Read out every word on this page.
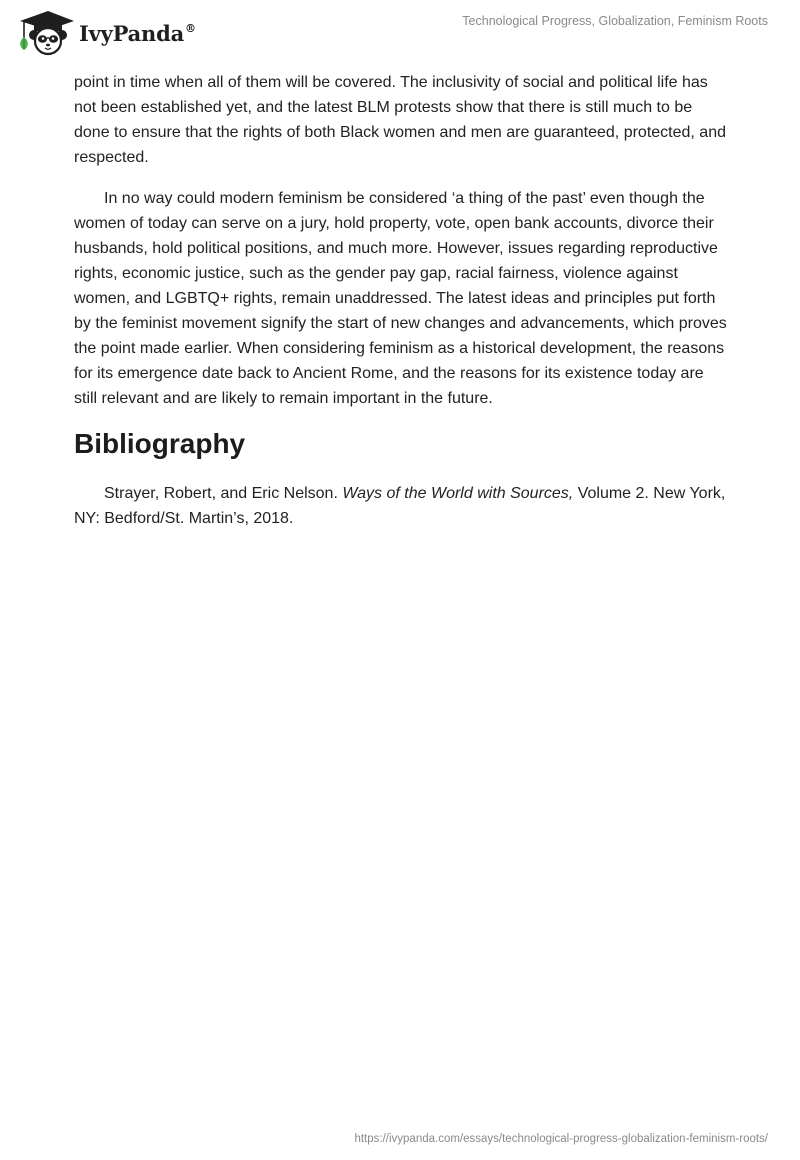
IvyPanda®
Technological Progress, Globalization, Feminism Roots

point in time when all of them will be covered. The inclusivity of social and political life has not been established yet, and the latest BLM protests show that there is still much to be done to ensure that the rights of both Black women and men are guaranteed, protected, and respected.

In no way could modern feminism be considered ‘a thing of the past’ even though the women of today can serve on a jury, hold property, vote, open bank accounts, divorce their husbands, hold political positions, and much more. However, issues regarding reproductive rights, economic justice, such as the gender pay gap, racial fairness, violence against women, and LGBTQ+ rights, remain unaddressed. The latest ideas and principles put forth by the feminist movement signify the start of new changes and advancements, which proves the point made earlier. When considering feminism as a historical development, the reasons for its emergence date back to Ancient Rome, and the reasons for its existence today are still relevant and are likely to remain important in the future.

Bibliography

Strayer, Robert, and Eric Nelson. Ways of the World with Sources, Volume 2. New York, NY: Bedford/St. Martin’s, 2018.

https://ivypanda.com/essays/technological-progress-globalization-feminism-roots/
